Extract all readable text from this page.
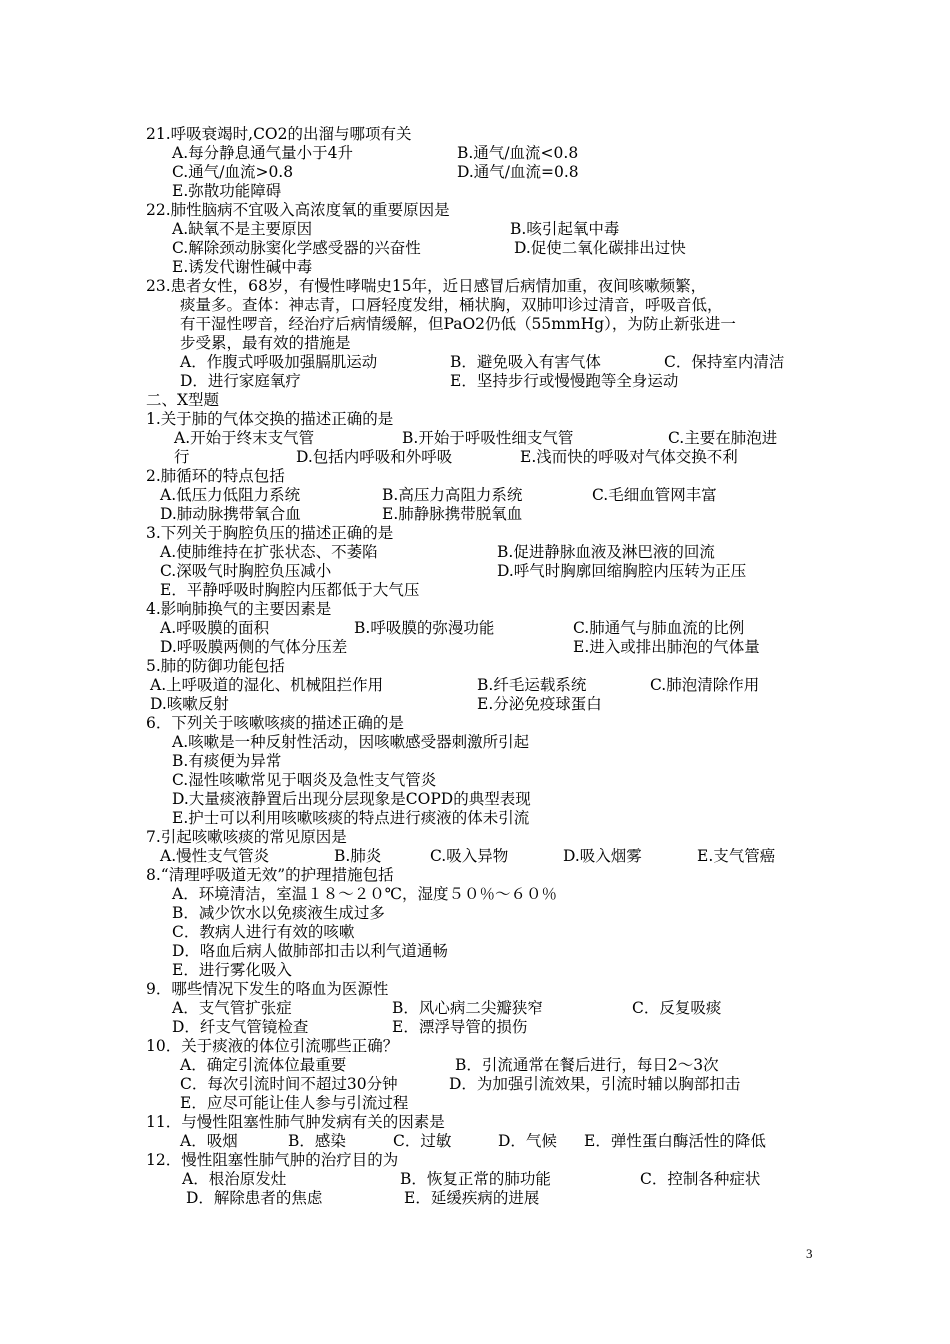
21.呼吸衰竭时,CO2的出溜与哪项有关
A.每分静息通气量小于4升	B.通气/血流<0.8
C.通气/血流>0.8	D.通气/血流=0.8
E.弥散功能障碍
22.肺性脑病不宜吸入高浓度氧的重要原因是
A.缺氧不是主要原因	B.咳引起氧中毒
C.解除颈动脉窦化学感受器的兴奋性	D.促使二氧化碳排出过快
E.诱发代谢性碱中毒
23.患者女性，68岁，有慢性哮喘史15年，近日感冒后病情加重，夜间咳嗽频繁，
痰量多。查体：神志青，口唇轻度发绀，桶状胸，双肺叩诊过清音，呼吸音低，
有干湿性啰音，经治疗后病情缓解，但PaO2仍低（55mmHg），为防止新张进一
步受累，最有效的措施是
A．作腹式呼吸加强膈肌运动	B．避免吸入有害气体	C．保持室内清洁
D．进行家庭氧疗	E．坚持步行或慢慢跑等全身运动
二、X型题
1.关于肺的气体交换的描述正确的是
A.开始于终末支气管	B.开始于呼吸性细支气管	C.主要在肺泡进
行	D.包括内呼吸和外呼吸	E.浅而快的呼吸对气体交换不利
2.肺循环的特点包括
A.低压力低阻力系统	B.高压力高阻力系统	C.毛细血管网丰富
D.肺动脉携带氧合血	E.肺静脉携带脱氧血
3.下列关于胸腔负压的描述正确的是
A.使肺维持在扩张状态、不萎陷	B.促进静脉血液及淋巴液的回流
C.深吸气时胸腔负压减小	D.呼气时胸廓回缩胸腔内压转为正压
E．平静呼吸时胸腔内压都低于大气压
4.影响肺换气的主要因素是
A.呼吸膜的面积	B.呼吸膜的弥漫功能	C.肺通气与肺血流的比例
D.呼吸膜两侧的气体分压差	E.进入或排出肺泡的气体量
5.肺的防御功能包括
A.上呼吸道的湿化、机械阻拦作用	B.纤毛运载系统	C.肺泡清除作用
D.咳嗽反射	E.分泌免疫球蛋白
6．下列关于咳嗽咳痰的描述正确的是
A.咳嗽是一种反射性活动，因咳嗽感受器刺激所引起
B.有痰便为异常
C.湿性咳嗽常见于咽炎及急性支气管炎
D.大量痰液静置后出现分层现象是COPD的典型表现
E.护士可以利用咳嗽咳痰的特点进行痰液的体未引流
7.引起咳嗽咳痰的常见原因是
A.慢性支气管炎	B.肺炎	C.吸入异物	D.吸入烟雾	E.支气管癌
8.“清理呼吸道无效”的护理措施包括
A．环境清洁，室温１８～２０℃，湿度５０％～６０％
B．减少饮水以免痰液生成过多
C．教病人进行有效的咳嗽
D．咯血后病人做肺部扣击以利气道通畅
E．进行雾化吸入
9．哪些情况下发生的咯血为医源性
A．支气管扩张症	B．风心病二尖瓣狭窄	C．反复吸痰
D．纤支气管镜检查	E．漂浮导管的损伤
10．关于痰液的体位引流哪些正确？
A．确定引流体位最重要	B．引流通常在餐后进行，每日2～3次
C．每次引流时间不超过30分钟	D．为加强引流效果，引流时辅以胸部扣击
E．应尽可能让佳人参与引流过程
11．与慢性阻塞性肺气肿发病有关的因素是
A．吸烟	B．感染	C．过敏	D．气候 E．弹性蛋白酶活性的降低
12．慢性阻塞性肺气肿的治疗目的为
A．根治原发灶	B．恢复正常的肺功能	C．控制各种症状
D．解除患者的焦虑	E．延缓疾病的进展
3
